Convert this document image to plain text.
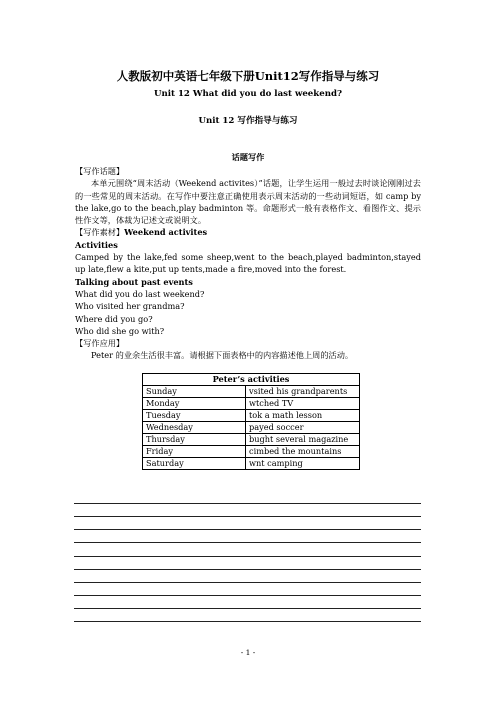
人教版初中英语七年级下册Unit12写作指导与练习
Unit 12 What did you do last weekend?
Unit 12 写作指导与练习
话题写作

【写作话题】

本单元围绕“周末活动（Weekend activites）”话题，让学生运用一般过去时谈论刚刚过去的一些常见的周末活动。在写作中要注意正确使用表示周末活动的一些动词短语，如 camp by the lake,go to the beach,play badminton 等。命题形式一般有表格作文、看图作文、提示性作文等，体裁为记述文或说明文。

【写作素材】Weekend activites

Activities

Camped by the lake,fed some sheep,went to the beach,played badminton,stayed up late,flew a kite,put up tents,made a fire,moved into the forest.

Talking about past events

What did you do last weekend?

Who visited her grandma?

Where did you go?

Who did she go with?

【写作应用】

Peter 的业余生活很丰富。请根据下面表格中的内容描述他上周的活动。

Peter’s activities	
Sunday	vsited his grandparents
Monday	wtched TV
Tuesday	tok a math lesson
Wednesday	payed soccer
Thursday	bught several magazine
Friday	cimbed the mountains
Saturday	wnt camping
- 1 -
